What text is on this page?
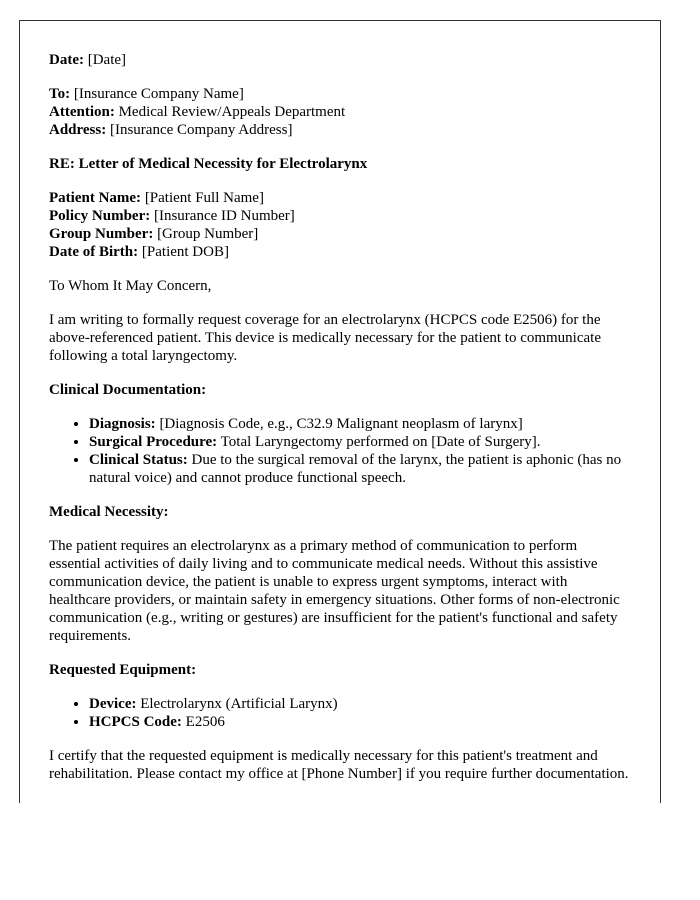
Date: [Date]

To: [Insurance Company Name]
Attention: Medical Review/Appeals Department
Address: [Insurance Company Address]

RE: Letter of Medical Necessity for Electrolarynx

Patient Name: [Patient Full Name]
Policy Number: [Insurance ID Number]
Group Number: [Group Number]
Date of Birth: [Patient DOB]

To Whom It May Concern,

I am writing to formally request coverage for an electrolarynx (HCPCS code E2506) for the above-referenced patient. This device is medically necessary for the patient to communicate following a total laryngectomy.

Clinical Documentation:

• Diagnosis: [Diagnosis Code, e.g., C32.9 Malignant neoplasm of larynx]
• Surgical Procedure: Total Laryngectomy performed on [Date of Surgery].
• Clinical Status: Due to the surgical removal of the larynx, the patient is aphonic (has no natural voice) and cannot produce functional speech.

Medical Necessity:

The patient requires an electrolarynx as a primary method of communication to perform essential activities of daily living and to communicate medical needs. Without this assistive communication device, the patient is unable to express urgent symptoms, interact with healthcare providers, or maintain safety in emergency situations. Other forms of non-electronic communication (e.g., writing or gestures) are insufficient for the patient's functional and safety requirements.

Requested Equipment:

• Device: Electrolarynx (Artificial Larynx)
• HCPCS Code: E2506

I certify that the requested equipment is medically necessary for this patient's treatment and rehabilitation. Please contact my office at [Phone Number] if you require further documentation.
